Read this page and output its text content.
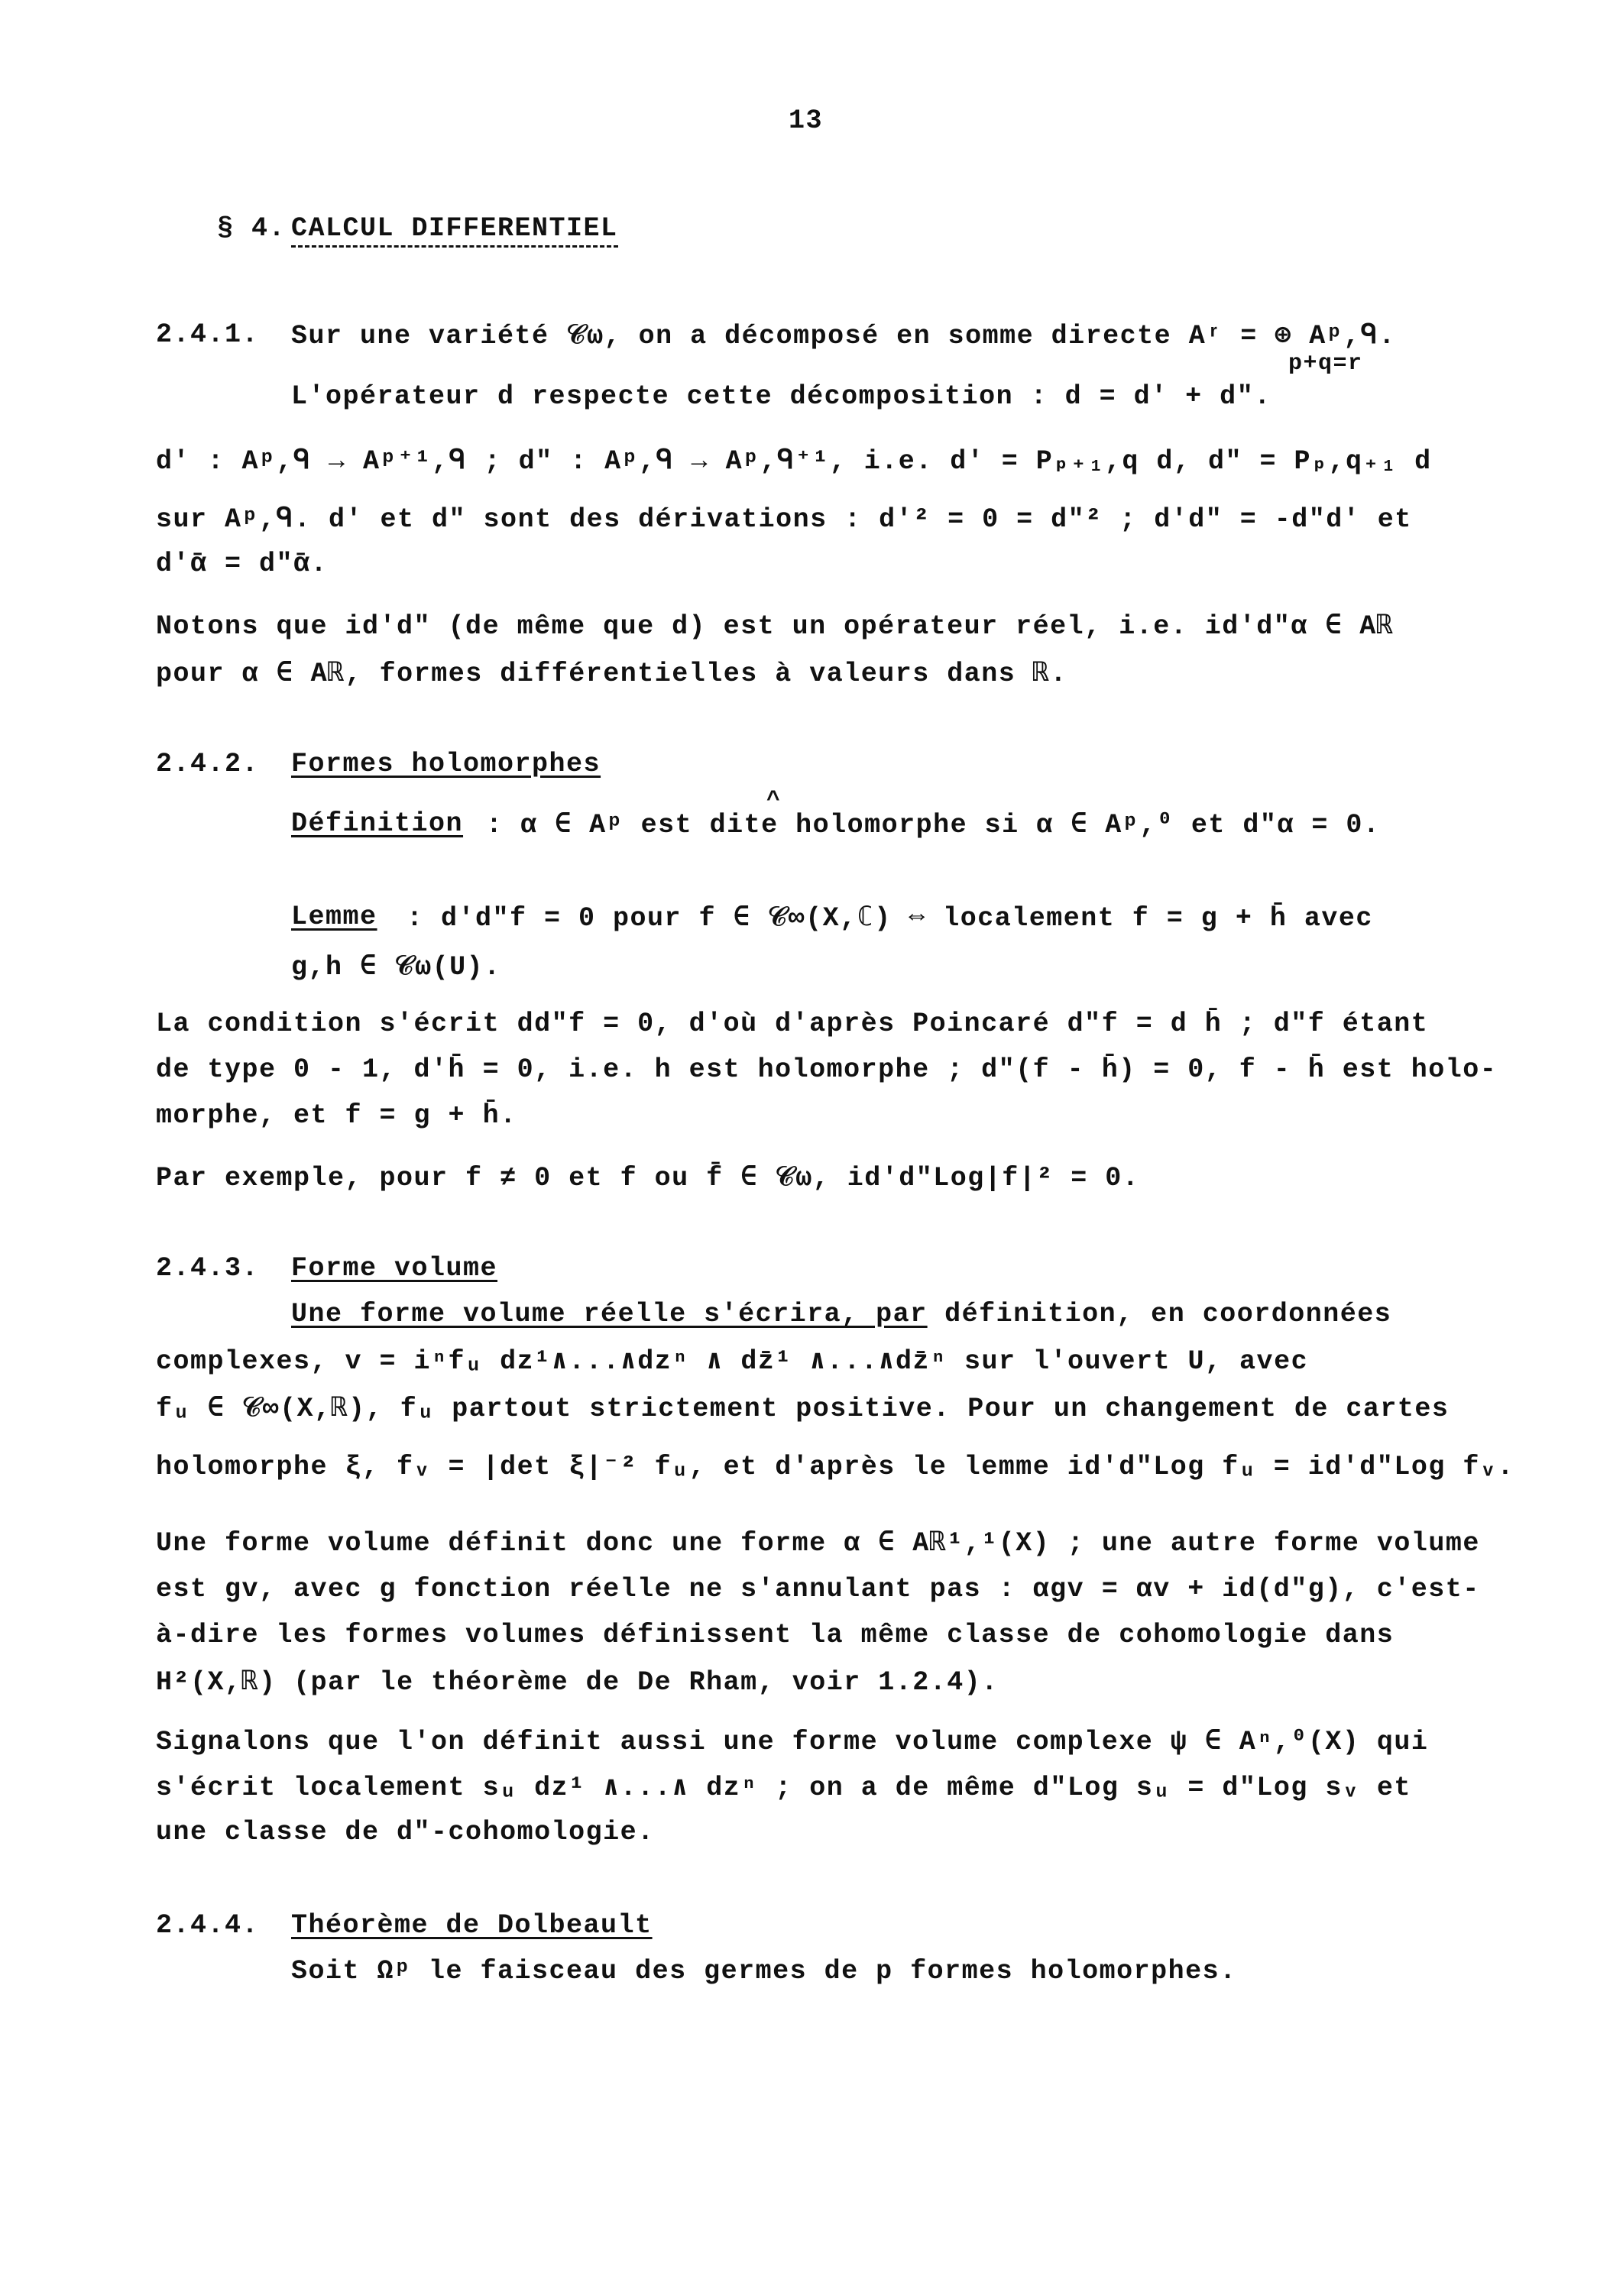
13
§ 4. CALCUL DIFFERENTIEL
2.4.1. Sur une variété 𝒞ω, on a décomposé en somme directe Aʳ = ⊕ Aᵖ,ᑫ.
p+q=r
L'opérateur d respecte cette décomposition : d = d' + d".
d' : Aᵖ,ᑫ → Aᵖ⁺¹,ᑫ ; d" : Aᵖ,ᑫ → Aᵖ,ᑫ⁺¹, i.e. d' = Pₚ₊₁,q d, d" = Pₚ,q₊₁ d
sur Aᵖ,ᑫ. d' et d" sont des dérivations : d'² = 0 = d"² ; d'd" = -d"d' et
d'ᾱ = d"ᾱ.
Notons que id'd" (de même que d) est un opérateur réel, i.e. id'd"α ∈ Aℝ
pour α ∈ Aℝ, formes différentielles à valeurs dans ℝ.
2.4.2. Formes holomorphes
Définition
^
: α ∈ Aᵖ est dite holomorphe si α ∈ Aᵖ,⁰ et d"α = 0.
Lemme : d'd"f = 0 pour f ∈ 𝒞∞(X,ℂ) ⇔ localement f = g + h̄ avec
g,h ∈ 𝒞ω(U).
La condition s'écrit dd"f = 0, d'où d'après Poincaré d"f = d h̄ ; d"f étant
de type 0 - 1, d'h̄ = 0, i.e. h est holomorphe ; d"(f - h̄) = 0, f - h̄ est holo-
morphe, et f = g + h̄.
Par exemple, pour f ≠ 0 et f ou f̄ ∈ 𝒞ω, id'd"Log|f|² = 0.
2.4.3. Forme volume
Une forme volume réelle s'écrira, par définition, en coordonnées
complexes, v = iⁿfᵤ dz¹∧...∧dzⁿ ∧ dz̄¹ ∧...∧dz̄ⁿ sur l'ouvert U, avec
fᵤ ∈ 𝒞∞(X,ℝ), fᵤ partout strictement positive. Pour un changement de cartes
holomorphe ξ, fᵥ = |det ξ|⁻² fᵤ, et d'après le lemme id'd"Log fᵤ = id'd"Log fᵥ.
Une forme volume définit donc une forme α ∈ Aℝ¹,¹(X) ; une autre forme volume
est gv, avec g fonction réelle ne s'annulant pas : αgv = αv + id(d"g), c'est-
à-dire les formes volumes définissent la même classe de cohomologie dans
H²(X,ℝ) (par le théorème de De Rham, voir 1.2.4).
Signalons que l'on définit aussi une forme volume complexe ψ ∈ Aⁿ,⁰(X) qui
s'écrit localement sᵤ dz¹ ∧...∧ dzⁿ ; on a de même d"Log sᵤ = d"Log sᵥ et
une classe de d"-cohomologie.
2.4.4. Théorème de Dolbeault
Soit Ωᵖ le faisceau des germes de p formes holomorphes.
